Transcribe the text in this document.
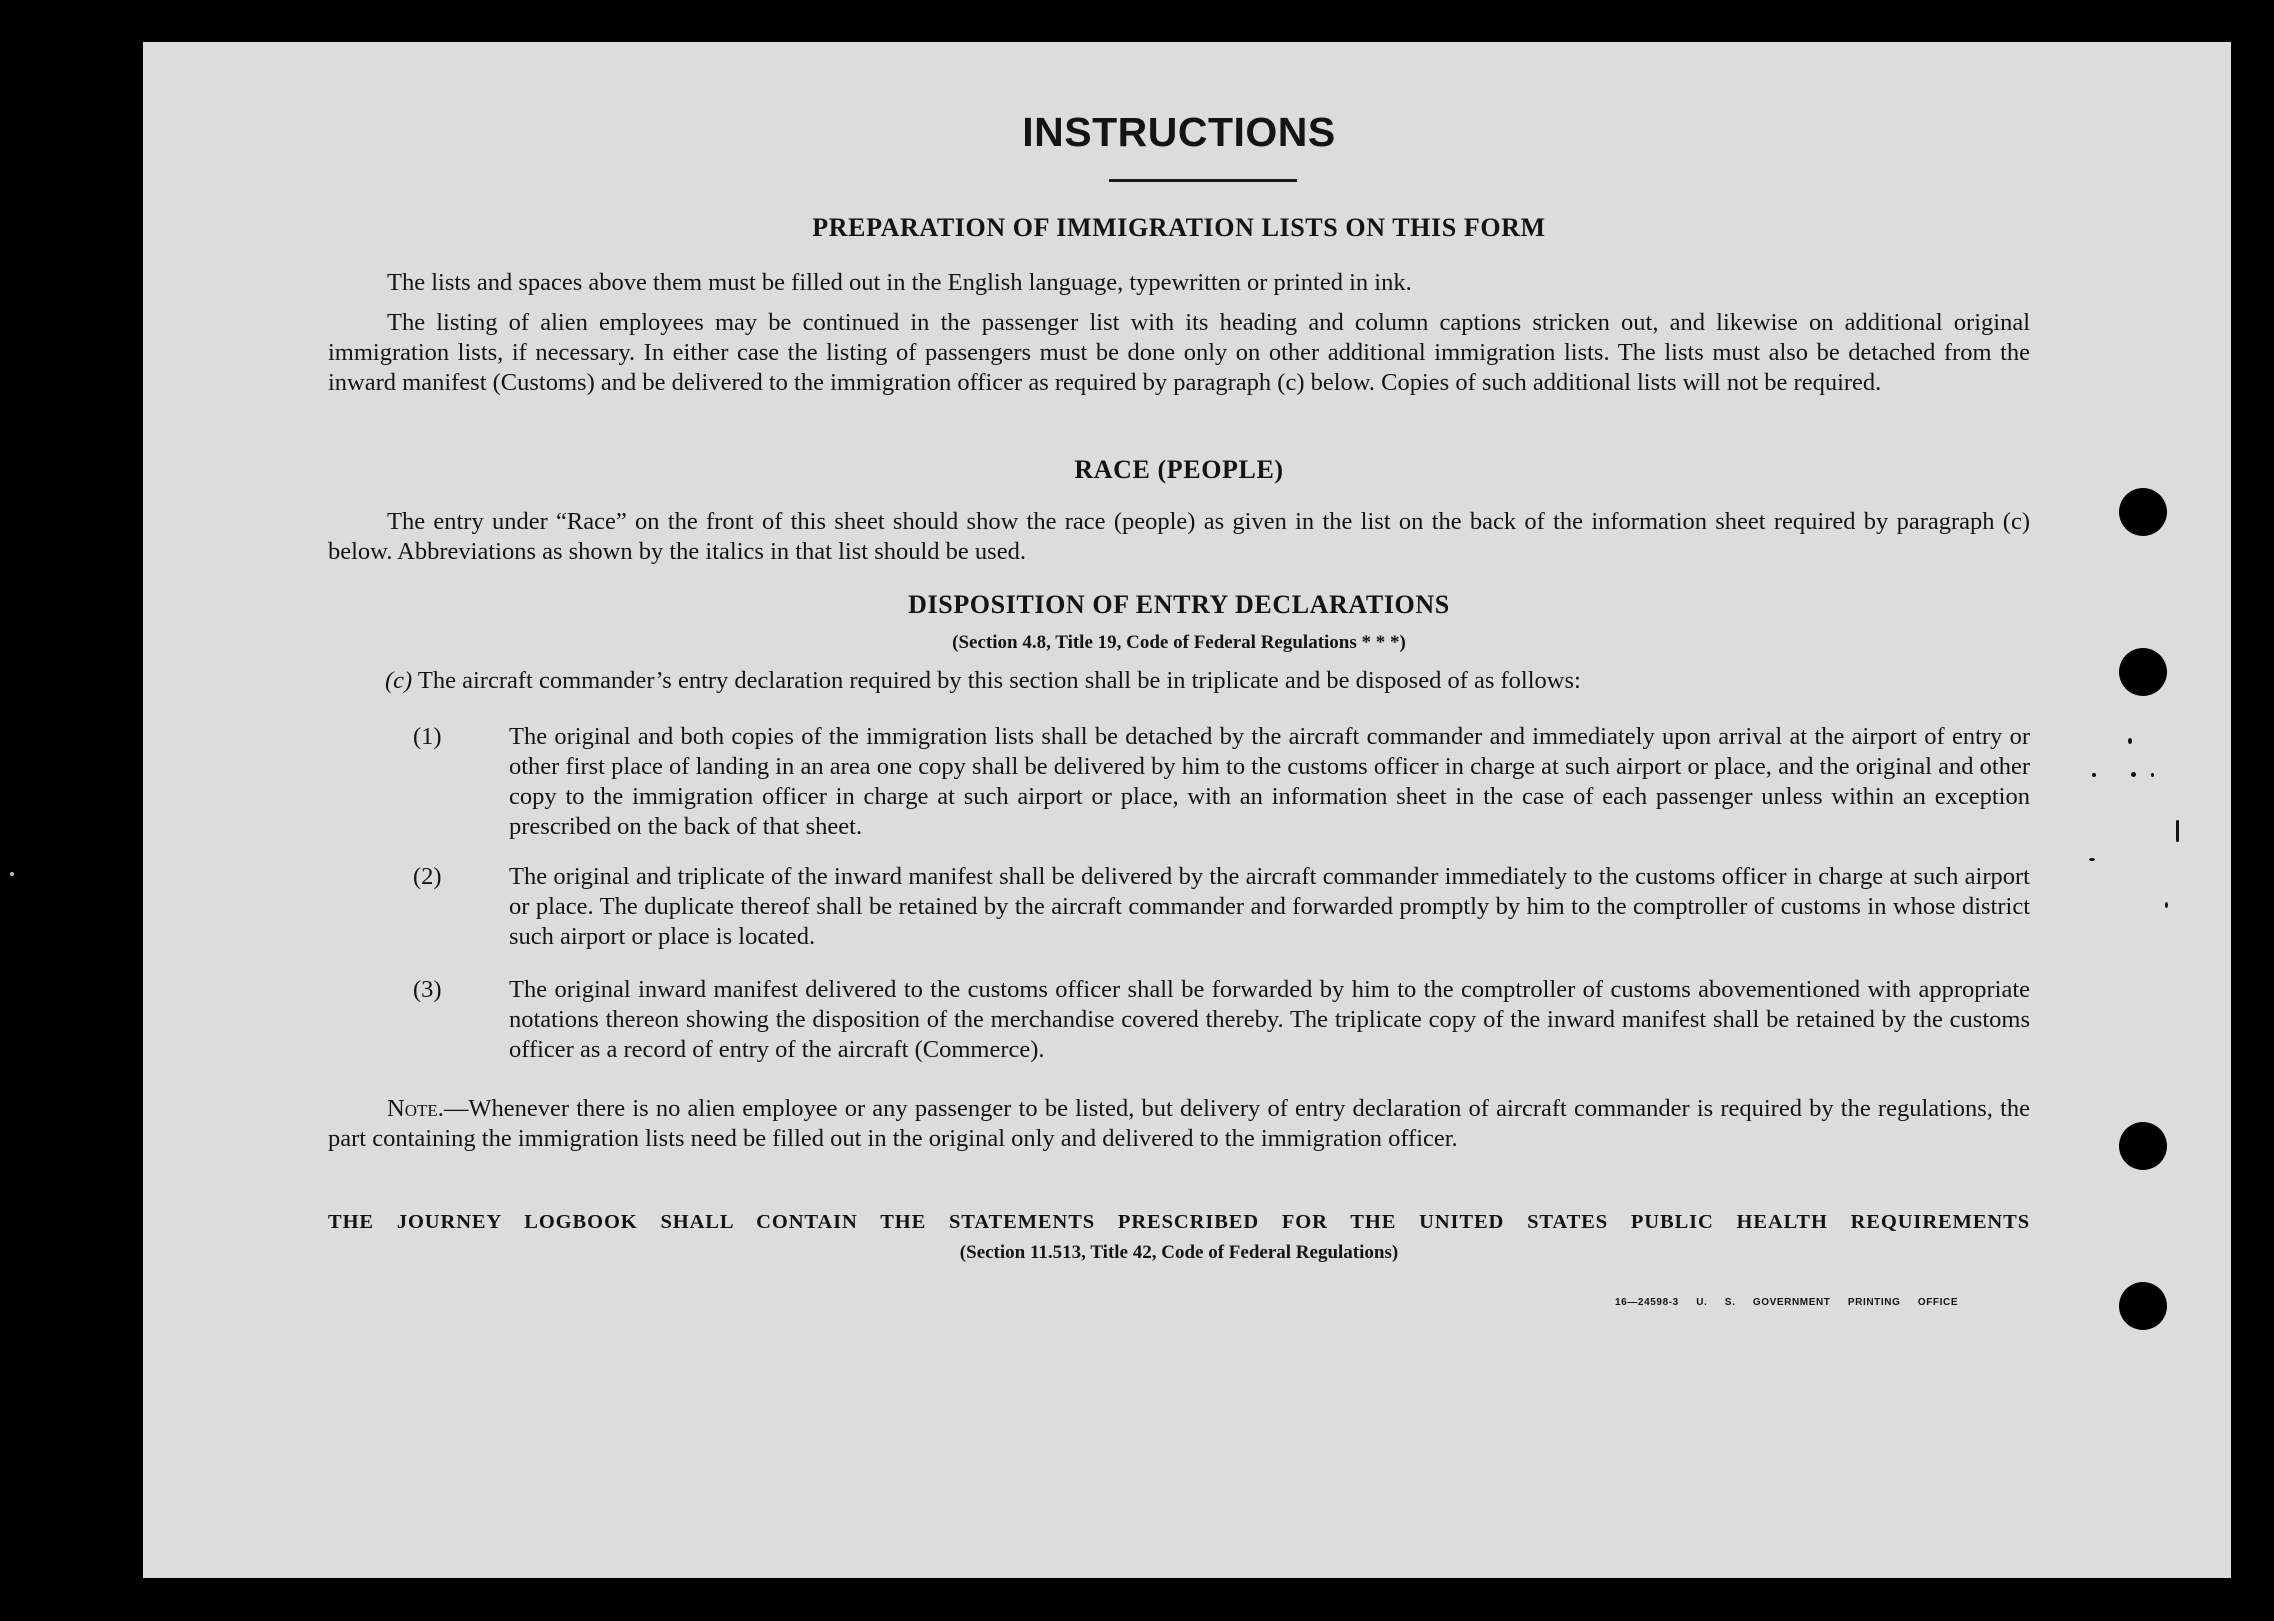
INSTRUCTIONS
PREPARATION OF IMMIGRATION LISTS ON THIS FORM
The lists and spaces above them must be filled out in the English language, typewritten or printed in ink.
The listing of alien employees may be continued in the passenger list with its heading and column captions stricken out, and likewise on additional original immigration lists, if necessary. In either case the listing of passengers must be done only on other additional immigration lists. The lists must also be detached from the inward manifest (Customs) and be delivered to the immigration officer as required by paragraph (c) below. Copies of such additional lists will not be required.
RACE (PEOPLE)
The entry under “Race” on the front of this sheet should show the race (people) as given in the list on the back of the information sheet required by paragraph (c) below. Abbreviations as shown by the italics in that list should be used.
DISPOSITION OF ENTRY DECLARATIONS
(Section 4.8, Title 19, Code of Federal Regulations * * *)
(c) The aircraft commander’s entry declaration required by this section shall be in triplicate and be disposed of as follows:
(1)	The original and both copies of the immigration lists shall be detached by the aircraft commander and immediately upon arrival at the airport of entry or other first place of landing in an area one copy shall be delivered by him to the customs officer in charge at such airport or place, and the original and other copy to the immigration officer in charge at such airport or place, with an information sheet in the case of each passenger unless within an exception prescribed on the back of that sheet.
(2)	The original and triplicate of the inward manifest shall be delivered by the aircraft commander immediately to the customs officer in charge at such airport or place. The duplicate thereof shall be retained by the aircraft commander and forwarded promptly by him to the comptroller of customs in whose district such airport or place is located.
(3)	The original inward manifest delivered to the customs officer shall be forwarded by him to the comptroller of customs abovementioned with appropriate notations thereon showing the disposition of the merchandise covered thereby. The triplicate copy of the inward manifest shall be retained by the customs officer as a record of entry of the aircraft (Commerce).
Note.—Whenever there is no alien employee or any passenger to be listed, but delivery of entry declaration of aircraft commander is required by the regulations, the part containing the immigration lists need be filled out in the original only and delivered to the immigration officer.
THE JOURNEY LOGBOOK SHALL CONTAIN THE STATEMENTS PRESCRIBED FOR THE UNITED STATES PUBLIC HEALTH REQUIREMENTS
(Section 11.513, Title 42, Code of Federal Regulations)
16—24598-3 U. S. GOVERNMENT PRINTING OFFICE
